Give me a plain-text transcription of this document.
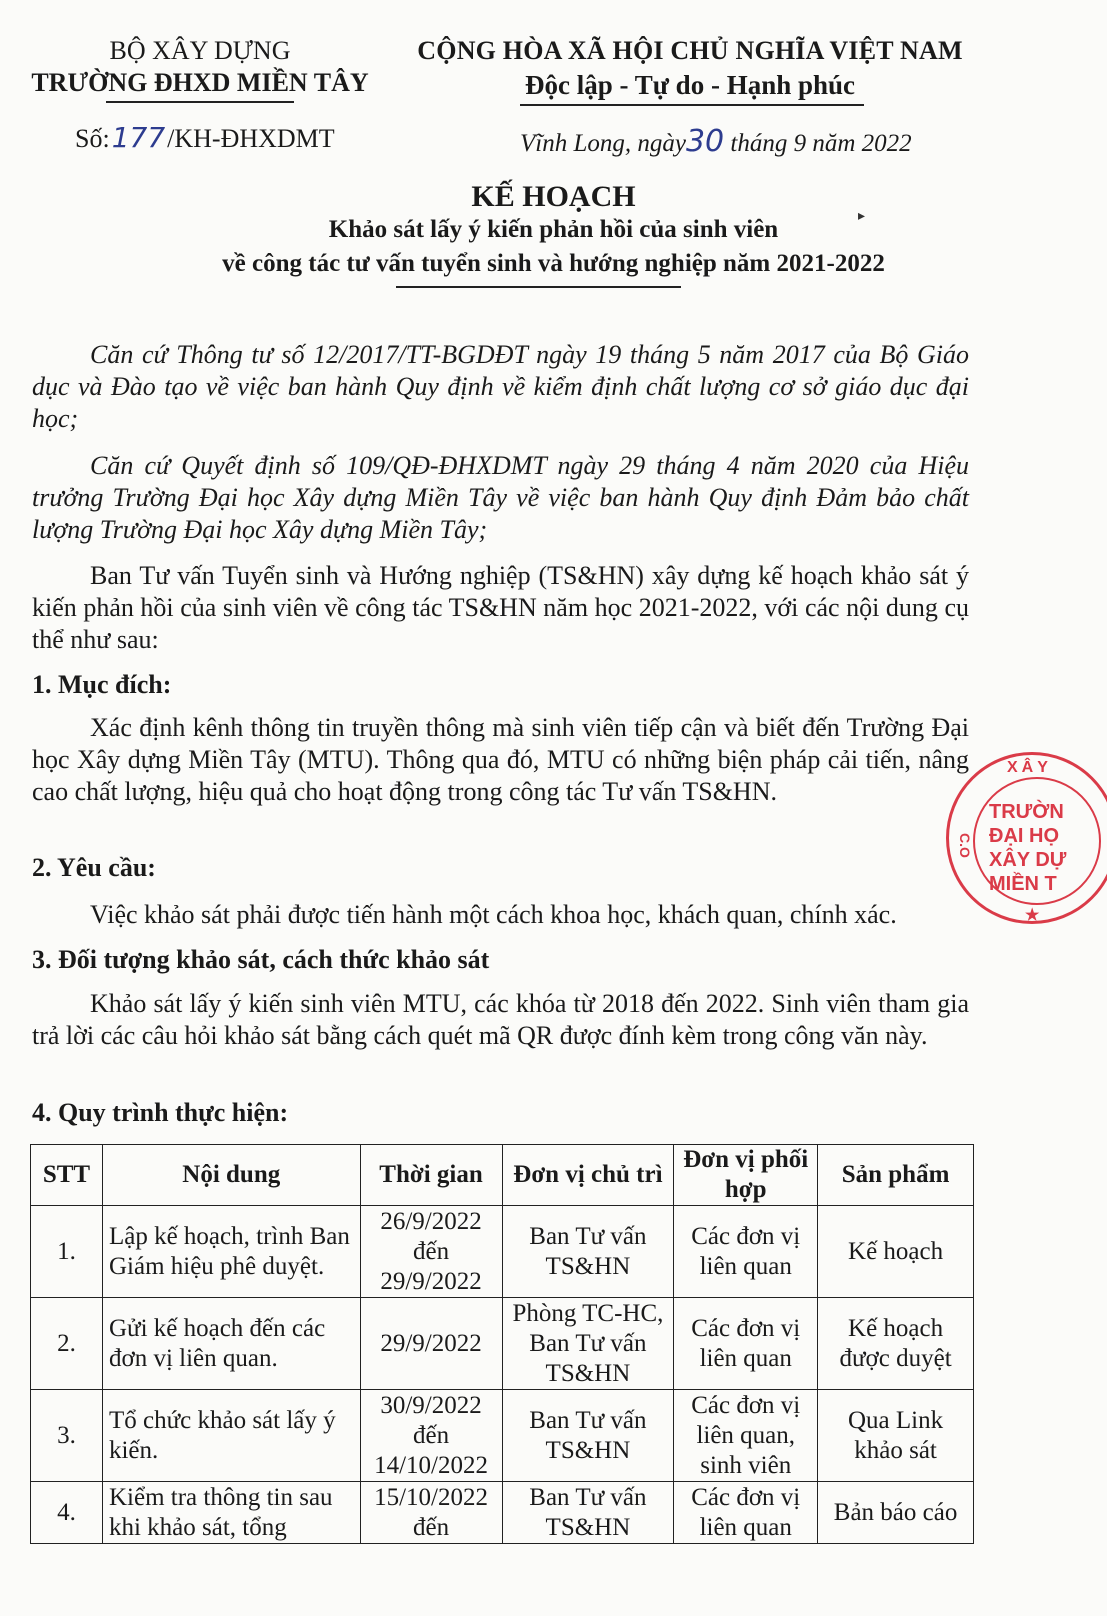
BỘ XÂY DỰNG
TRƯỜNG ĐHXD MIỀN TÂY
Số:177/KH-ĐHXDMT
CỘNG HÒA XÃ HỘI CHỦ NGHĨA VIỆT NAM
Độc lập - Tự do - Hạnh phúc
Vĩnh Long, ngày30 tháng 9 năm 2022
KẾ HOẠCH
Khảo sát lấy ý kiến phản hồi của sinh viên
về công tác tư vấn tuyển sinh và hướng nghiệp năm 2021-2022
▸
Căn cứ Thông tư số 12/2017/TT-BGDĐT ngày 19 tháng 5 năm 2017 của Bộ Giáo dục và Đào tạo về việc ban hành Quy định về kiểm định chất lượng cơ sở giáo dục đại học;
Căn cứ Quyết định số 109/QĐ-ĐHXDMT ngày 29 tháng 4 năm 2020 của Hiệu trưởng Trường Đại học Xây dựng Miền Tây về việc ban hành Quy định Đảm bảo chất lượng Trường Đại học Xây dựng Miền Tây;
Ban Tư vấn Tuyển sinh và Hướng nghiệp (TS&HN) xây dựng kế hoạch khảo sát ý kiến phản hồi của sinh viên về công tác TS&HN năm học 2021-2022, với các nội dung cụ thể như sau:
1. Mục đích:
Xác định kênh thông tin truyền thông mà sinh viên tiếp cận và biết đến Trường Đại học Xây dựng Miền Tây (MTU). Thông qua đó, MTU có những biện pháp cải tiến, nâng cao chất lượng, hiệu quả cho hoạt động trong công tác Tư vấn TS&HN.
2. Yêu cầu:
Việc khảo sát phải được tiến hành một cách khoa học, khách quan, chính xác.
3. Đối tượng khảo sát, cách thức khảo sát
Khảo sát lấy ý kiến sinh viên MTU, các khóa từ 2018 đến 2022. Sinh viên tham gia trả lời các câu hỏi khảo sát bằng cách quét mã QR được đính kèm trong công văn này.
4. Quy trình thực hiện:
STT	Nội dung	Thời gian	Đơn vị chủ trì	Đơn vị phối hợp	Sản phẩm
1.	Lập kế hoạch, trình Ban Giám hiệu phê duyệt.	26/9/2022 đến 29/9/2022	Ban Tư vấn TS&HN	Các đơn vị liên quan	Kế hoạch
2.	Gửi kế hoạch đến các đơn vị liên quan.	29/9/2022	Phòng TC-HC, Ban Tư vấn TS&HN	Các đơn vị liên quan	Kế hoạch được duyệt
3.	Tổ chức khảo sát lấy ý kiến.	30/9/2022 đến 14/10/2022	Ban Tư vấn TS&HN	Các đơn vị liên quan, sinh viên	Qua Link khảo sát
4.	Kiểm tra thông tin sau khi khảo sát, tổng	15/10/2022 đến	Ban Tư vấn TS&HN	Các đơn vị liên quan	Bản báo cáo
XÂY
TRƯỜN
ĐẠI HỌ
XÂY DỰ
MIỀN T
C.O
★
